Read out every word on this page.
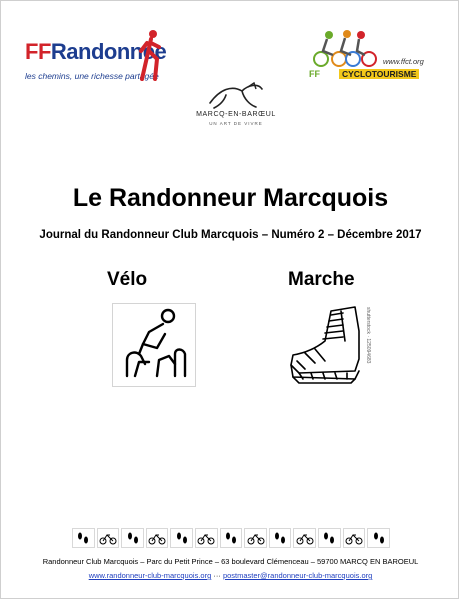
FFRandonnée
les chemins, une richesse partagée
www.ffct.org
FF	CYCLOTOURISME
MARCQ-EN-BARŒUL
UN ART DE VIVRE
Le Randonneur Marcquois
Journal du Randonneur Club Marcquois – Numéro 2 – Décembre 2017
Vélo	Marche
shutterstock · 125094683
Randonneur Club Marcquois – Parc du Petit Prince – 63 boulevard Clémenceau – 59700 MARCQ EN BAROEUL
www.randonneur-club-marcquois.org ··· postmaster@randonneur-club-marcquois.org
